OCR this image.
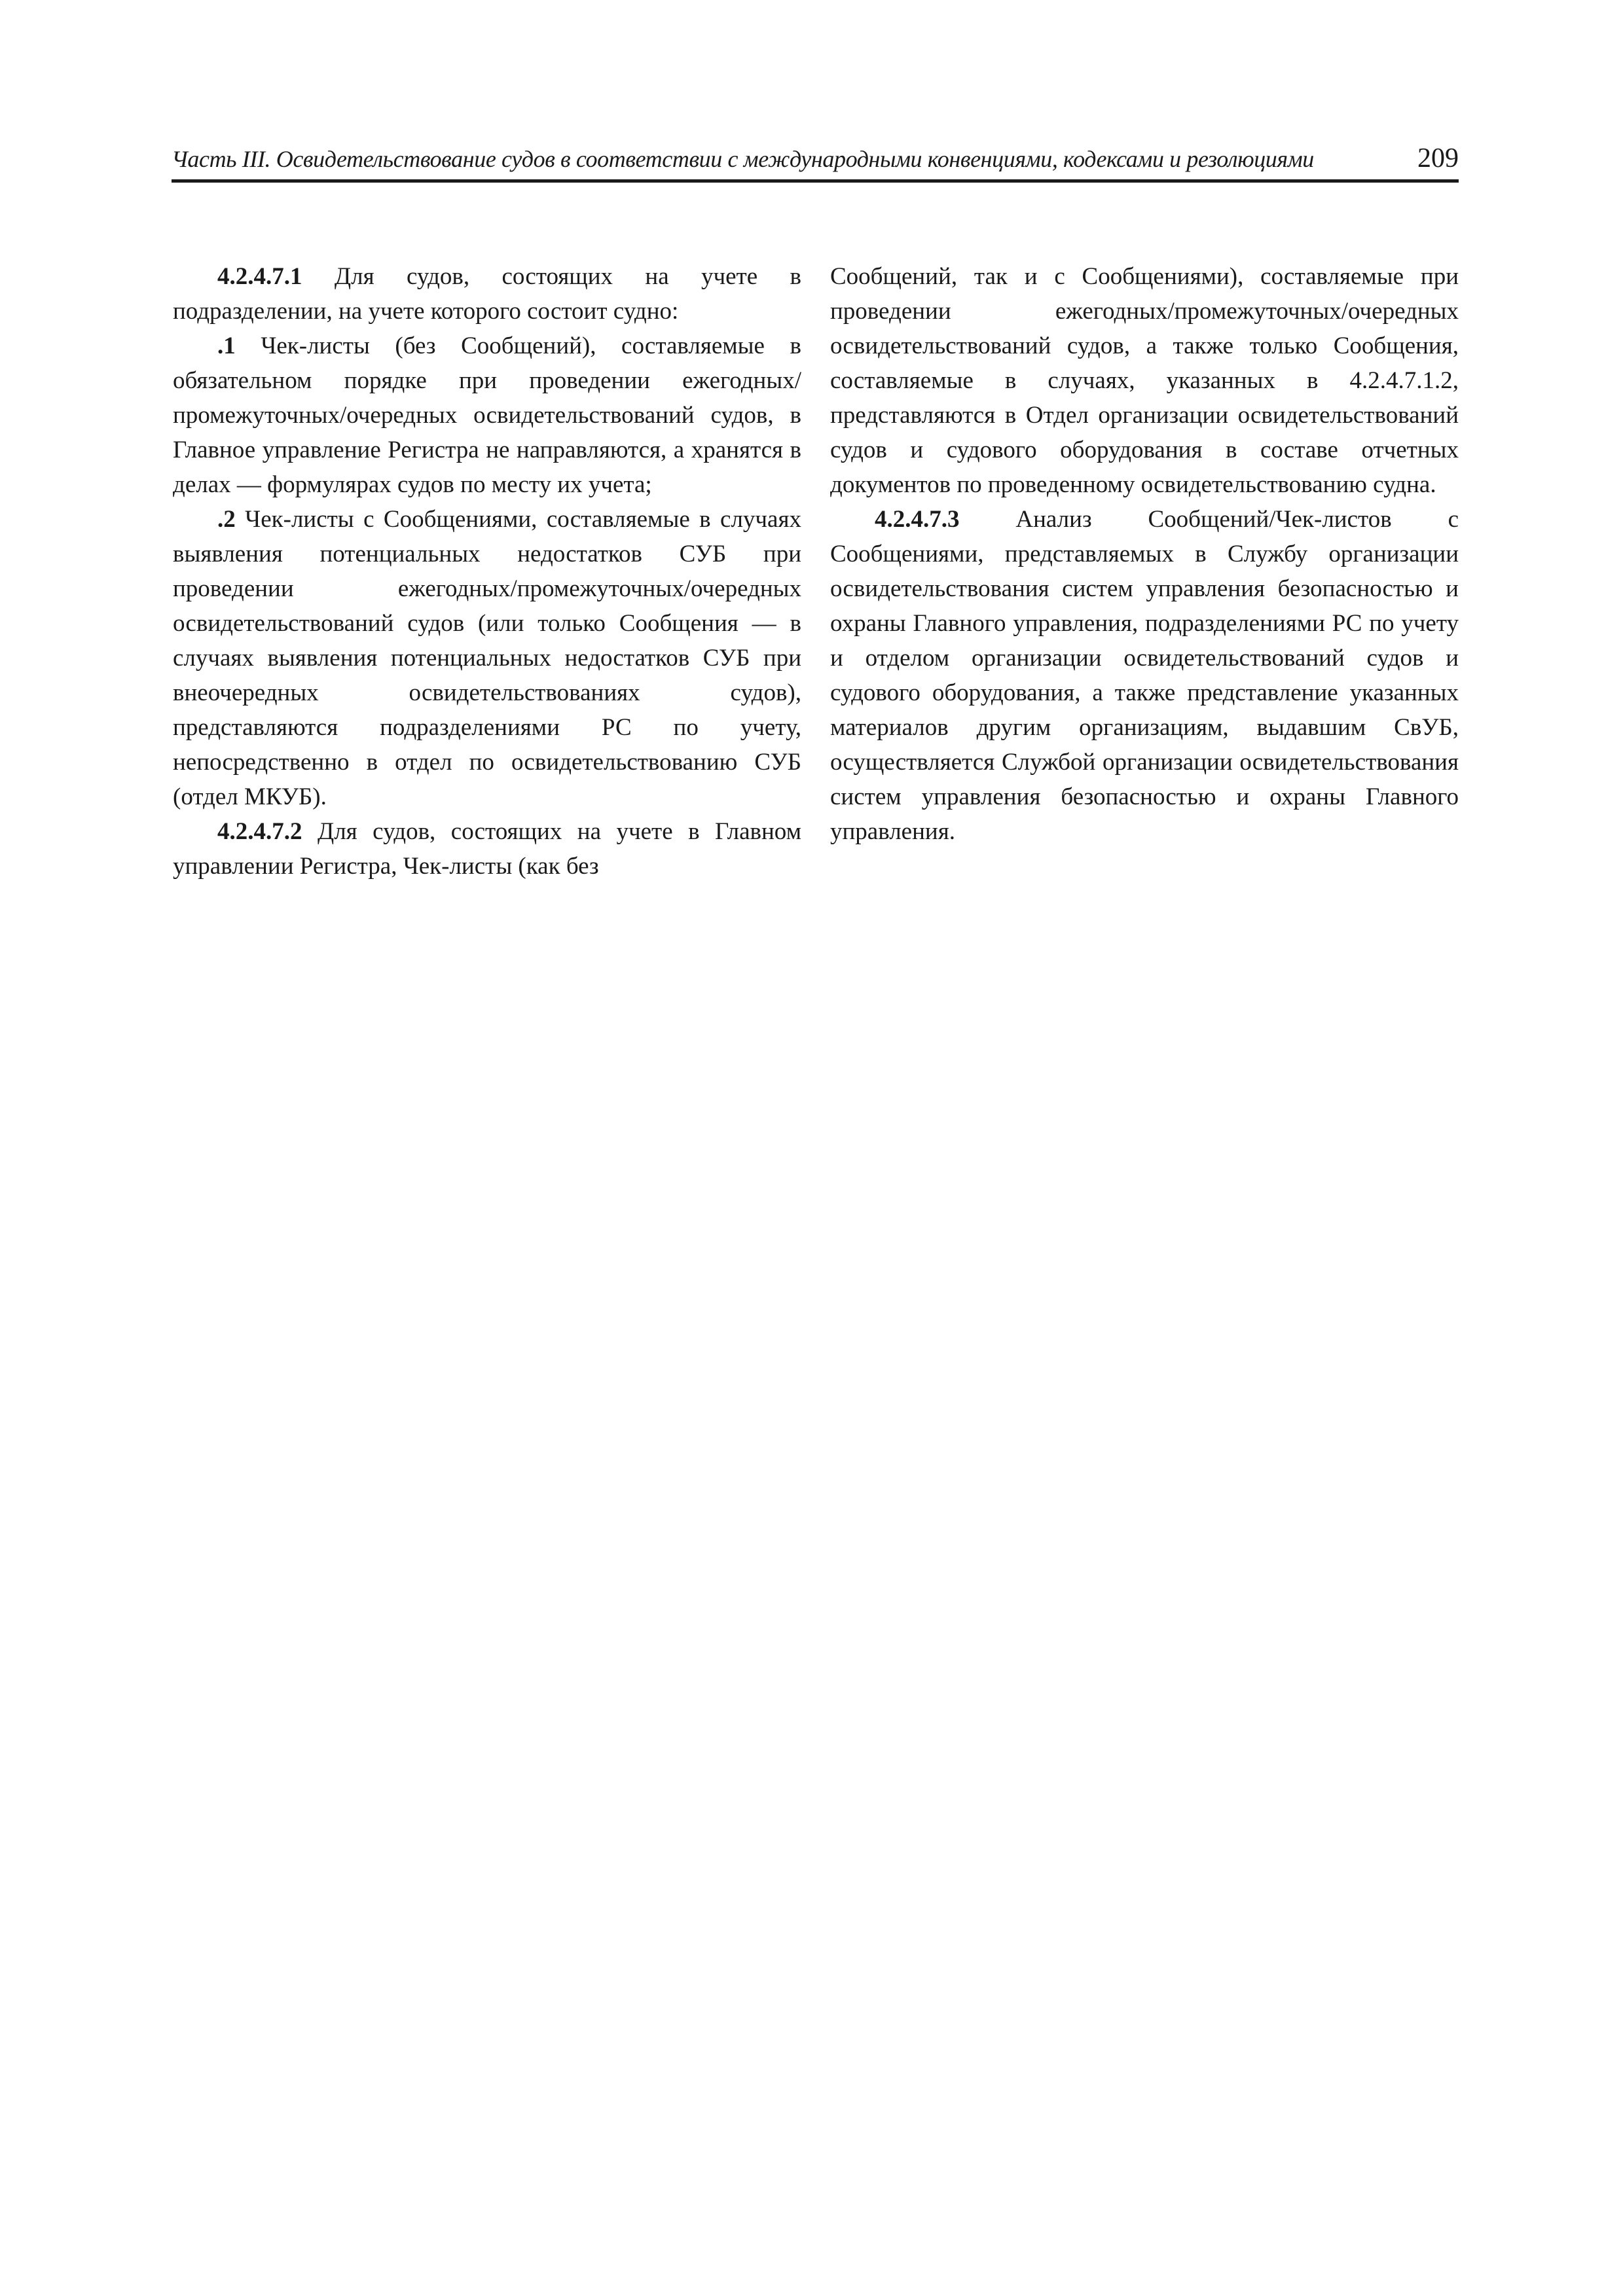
Часть III. Освидетельствование судов в соответствии с международными конвенциями, кодексами и резолюциями	209

4.2.4.7.1 Для судов, состоящих на учете в подразделении, на учете которого состоит судно:

.1 Чек-листы (без Сообщений), составляемые в обязательном порядке при проведении ежегодных/промежуточных/очередных освидетельствований судов, в Главное управление Регистра не направляются, а хранятся в делах — формулярах судов по месту их учета;

.2 Чек-листы с Сообщениями, составляемые в случаях выявления потенциальных недостатков СУБ при проведении ежегодных/промежуточных/очередных освидетельствований судов (или только Сообщения — в случаях выявления потенциальных недостатков СУБ при внеочередных освидетельствованиях судов), представляются подразделениями РС по учету, непосредственно в отдел по освидетельствованию СУБ (отдел МКУБ).

4.2.4.7.2 Для судов, состоящих на учете в Главном управлении Регистра, Чек-листы (как без

Сообщений, так и с Сообщениями), составляемые при проведении ежегодных/промежуточных/очередных освидетельствований судов, а также только Сообщения, составляемые в случаях, указанных в 4.2.4.7.1.2, представляются в Отдел организации освидетельствований судов и судового оборудования в составе отчетных документов по проведенному освидетельствованию судна.

4.2.4.7.3 Анализ Сообщений/Чек-листов с Сообщениями, представляемых в Службу организации освидетельствования систем управления безопасностью и охраны Главного управления, подразделениями РС по учету и отделом организации освидетельствований судов и судового оборудования, а также представление указанных материалов другим организациям, выдавшим СвУБ, осуществляется Службой организации освидетельствования систем управления безопасностью и охраны Главного управления.
